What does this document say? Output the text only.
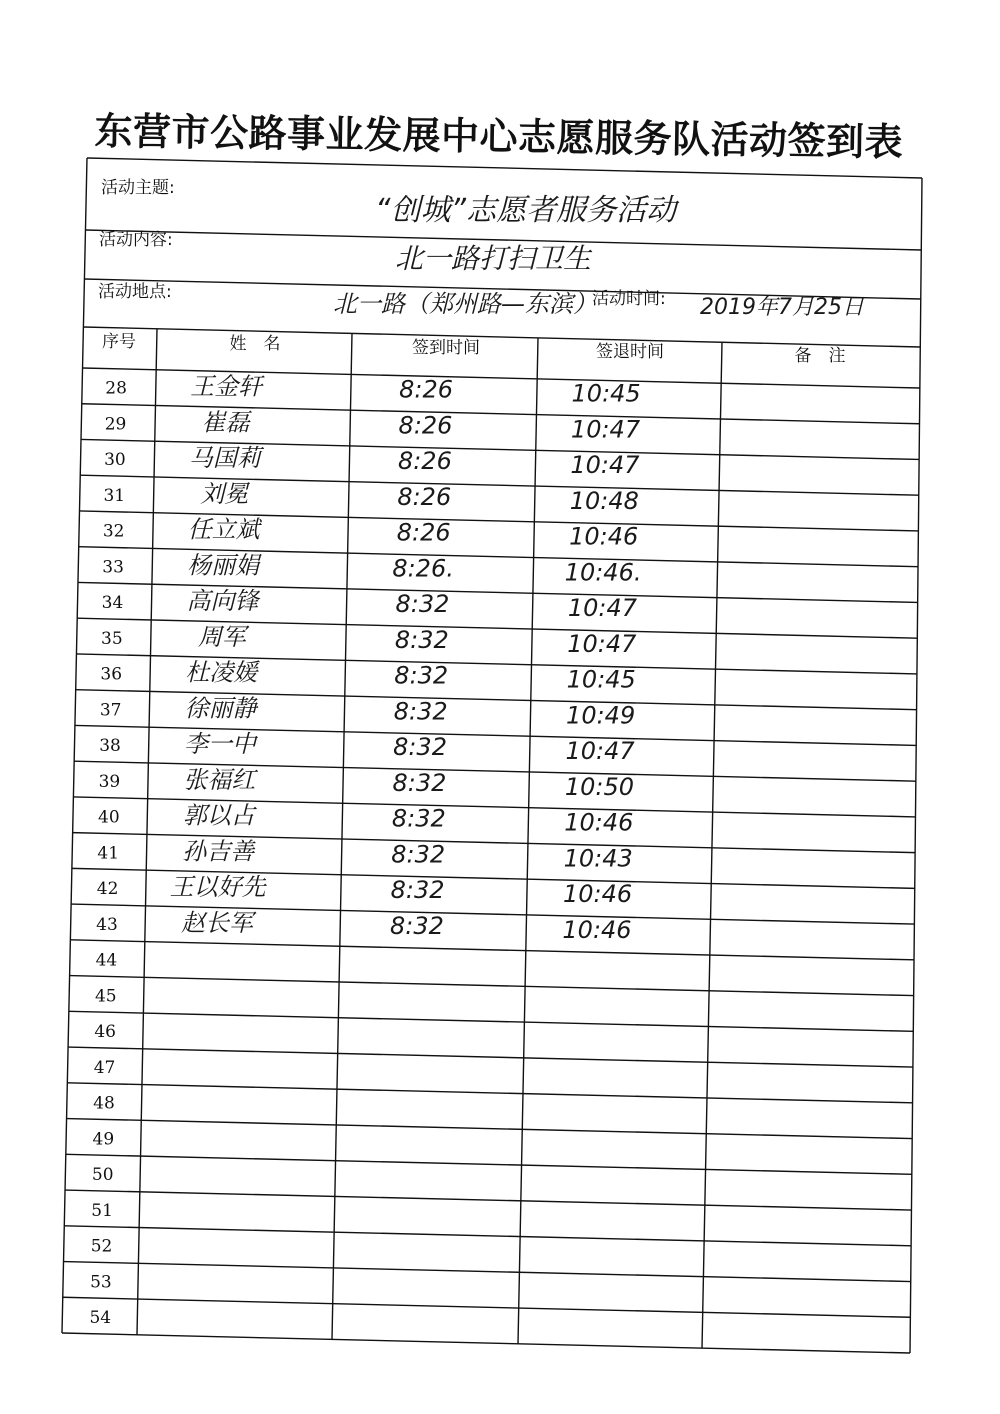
东营市公路事业发展中心志愿服务队活动签到表
活动主题:
“创城”志愿者服务活动
活动内容:
北一路打扫卫生
活动地点:	北一路（郑州路—东滨）
活动时间: 2019年7月25日
序号	姓　名	签到时间	签退时间	备　注
28	王金轩	8:26	10:45
29	崔磊	8:26	10:47
30	马国莉	8:26	10:47
31	刘冕	8:26	10:48
32	任立斌	8:26	10:46
33	杨丽娟	8:26.	10:46.
34	高向锋	8:32	10:47
35	周军	8:32	10:47
36	杜凌媛	8:32	10:45
37	徐丽静	8:32	10:49
38	李一中	8:32	10:47
39	张福红	8:32	10:50
40	郭以占	8:32	10:46
41	孙吉善	8:32	10:43
42 王以好先	8:32	10:46
43	赵长军	8:32	10:46
44
45
46
47
48
49
50
51
52
53
54
